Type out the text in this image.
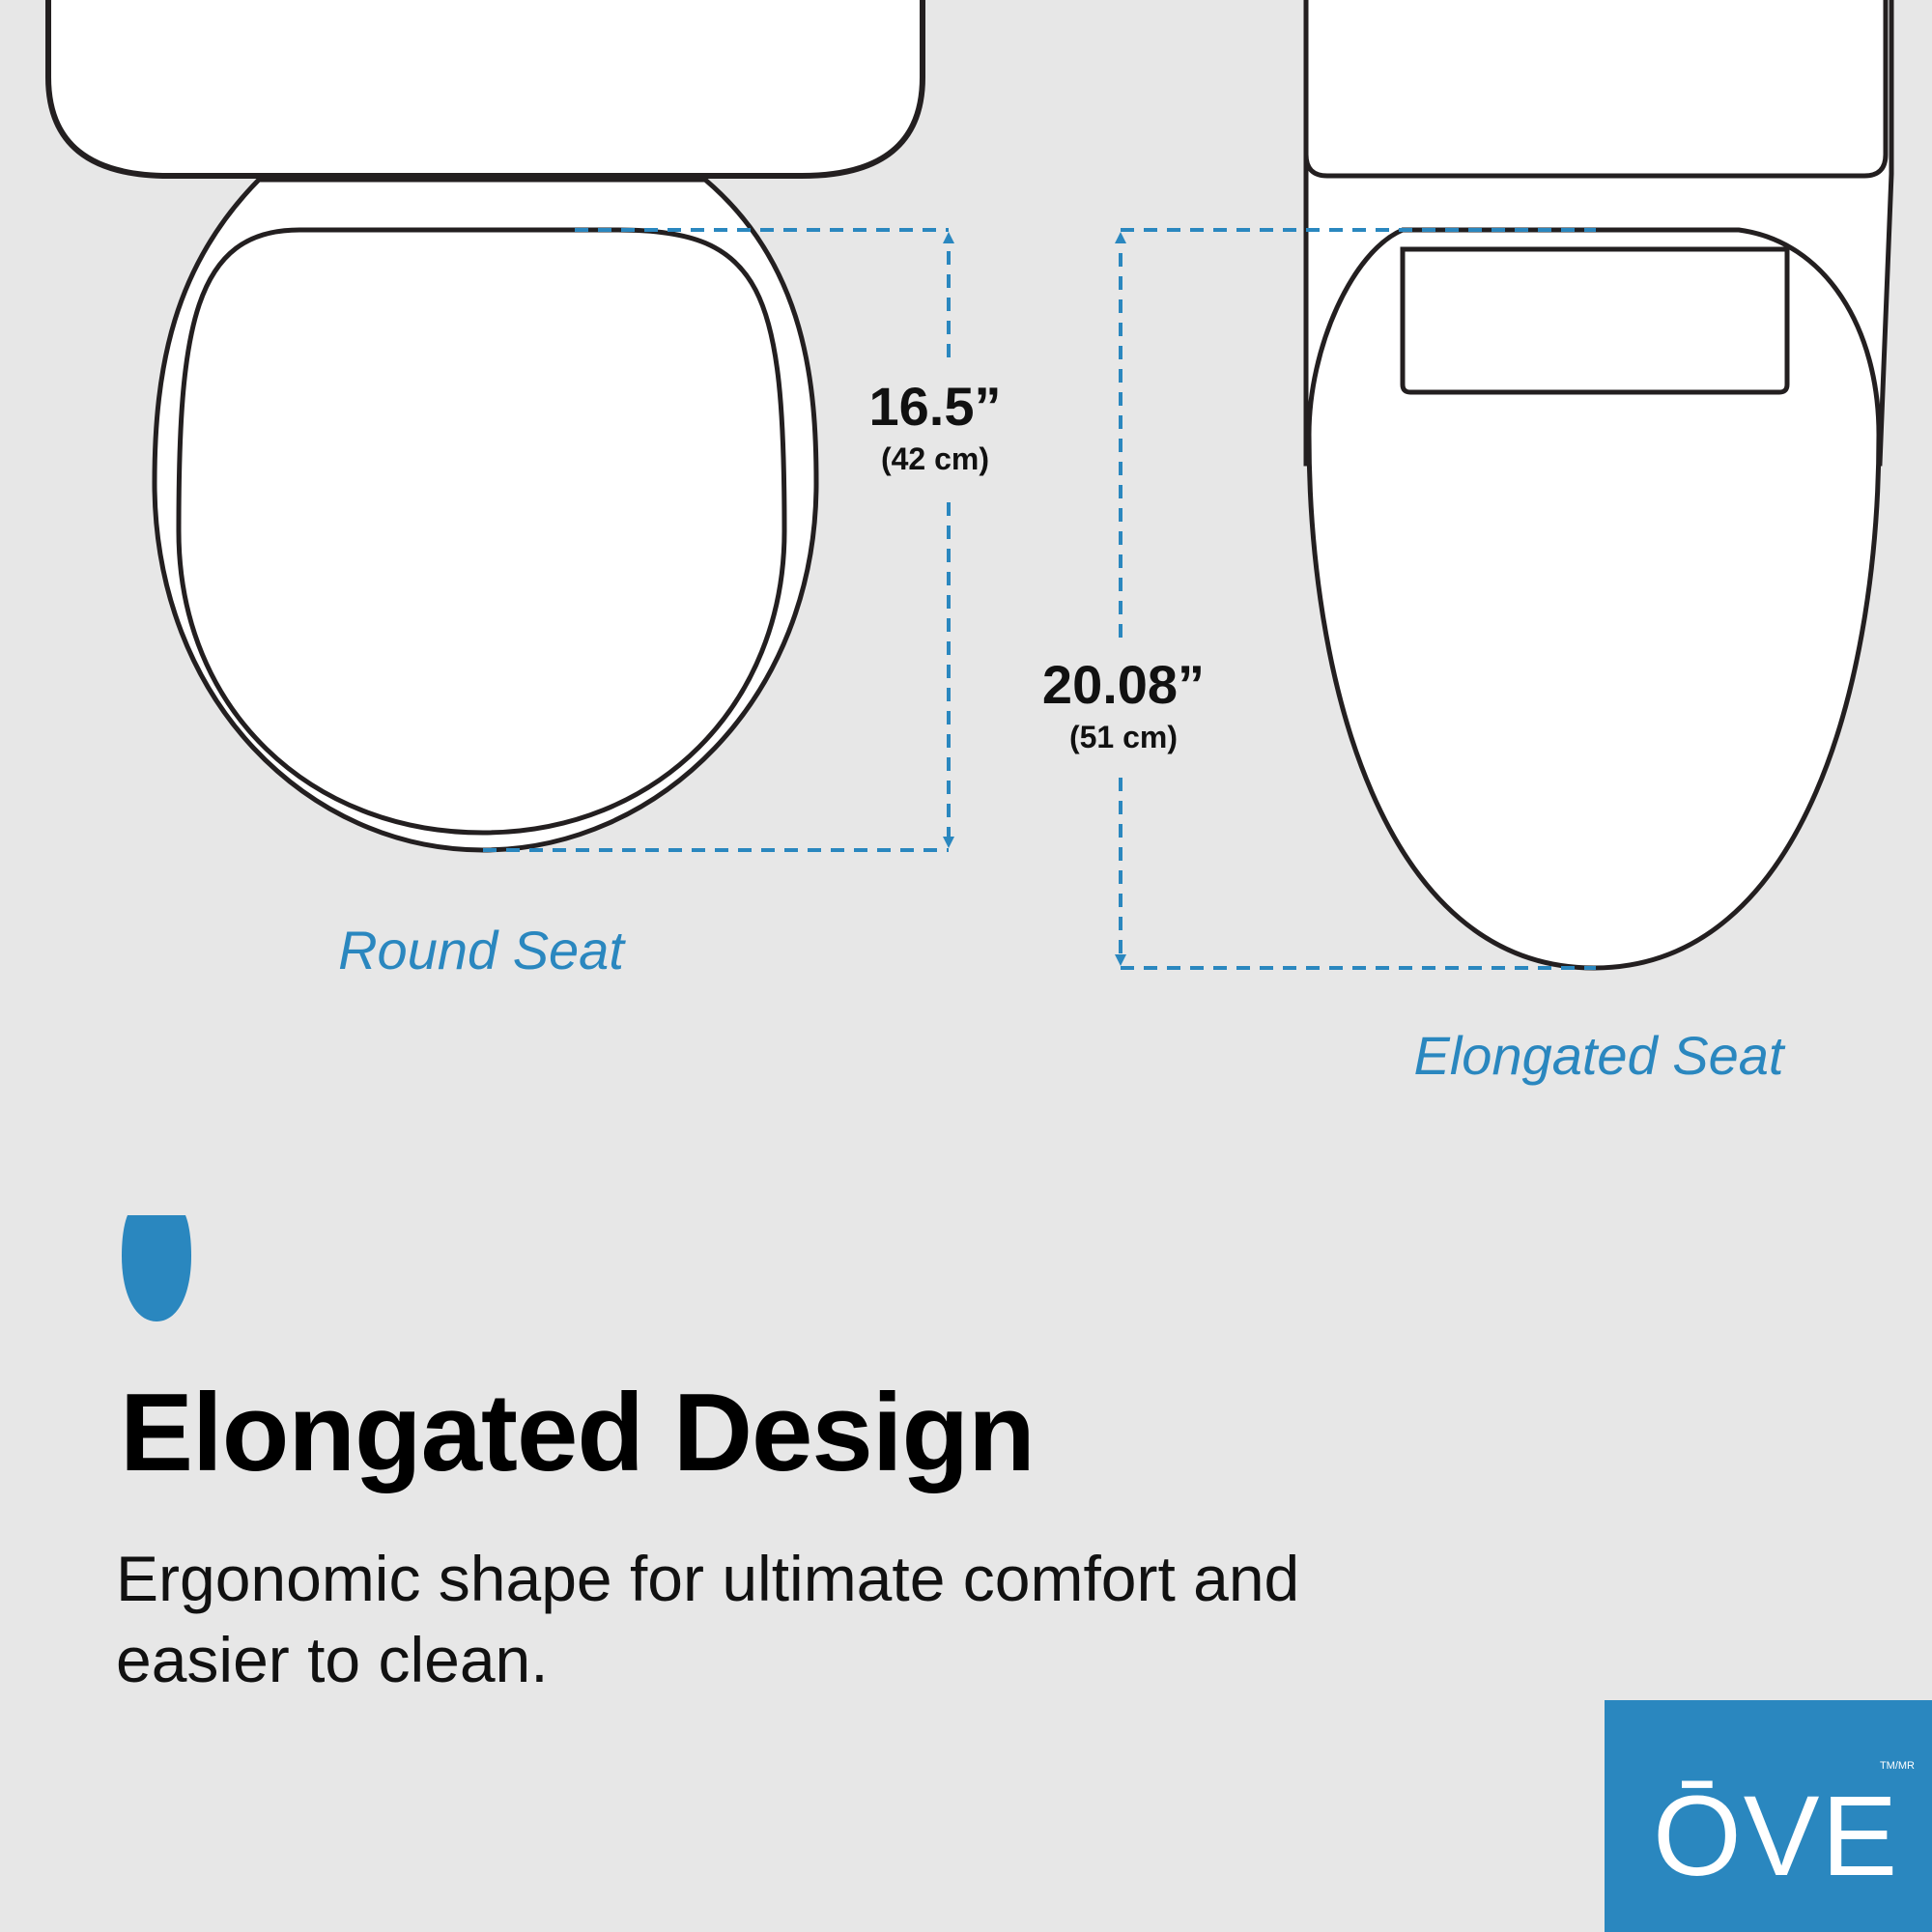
16.5”
(42 cm)
Round Seat
20.08”
(51 cm)
Elongated Seat
Elongated Design

Ergonomic shape for ultimate comfort and easier to clean.

TM/MR
ŌVE
